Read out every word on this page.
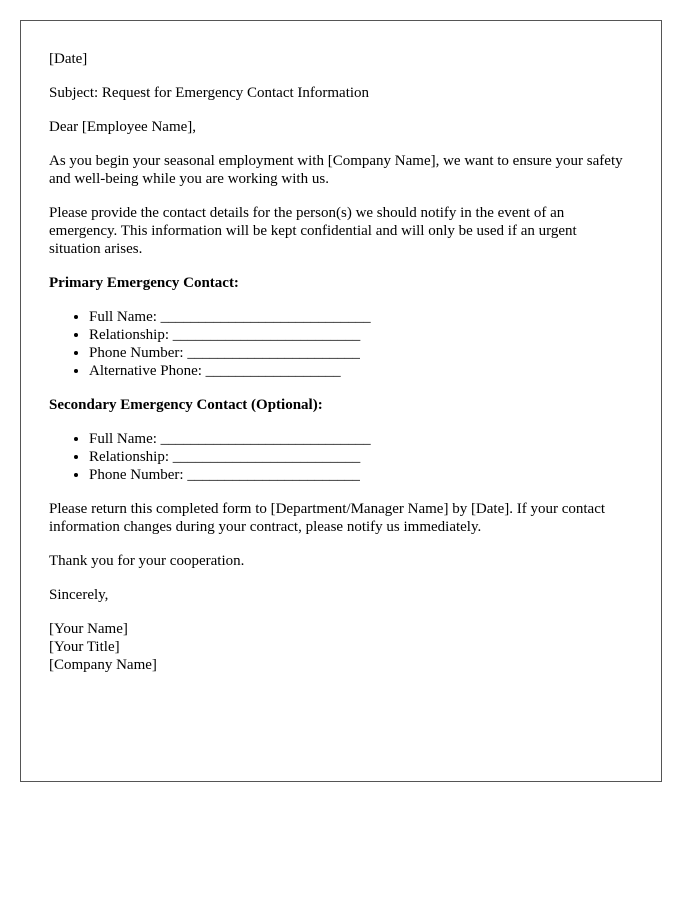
[Date]

Subject: Request for Emergency Contact Information

Dear [Employee Name],

As you begin your seasonal employment with [Company Name], we want to ensure your safety and well-being while you are working with us.

Please provide the contact details for the person(s) we should notify in the event of an emergency. This information will be kept confidential and will only be used if an urgent situation arises.

Primary Emergency Contact:

• Full Name: ____________________________
• Relationship: _________________________
• Phone Number: _______________________
• Alternative Phone: __________________

Secondary Emergency Contact (Optional):

• Full Name: ____________________________
• Relationship: _________________________
• Phone Number: _______________________

Please return this completed form to [Department/Manager Name] by [Date]. If your contact information changes during your contract, please notify us immediately.

Thank you for your cooperation.

Sincerely,

[Your Name]
[Your Title]
[Company Name]
